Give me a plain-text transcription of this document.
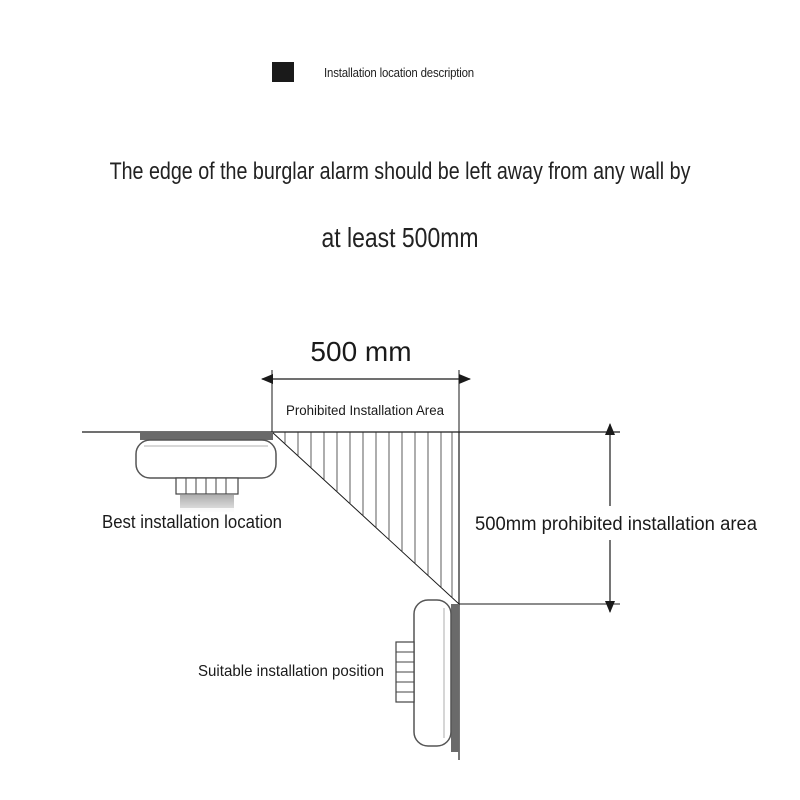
Installation location description
The edge of the burglar alarm should be left away from any wall by
at least 500mm
500 mm
Prohibited Installation Area
500mm prohibited installation area
Best installation location
Suitable installation position
